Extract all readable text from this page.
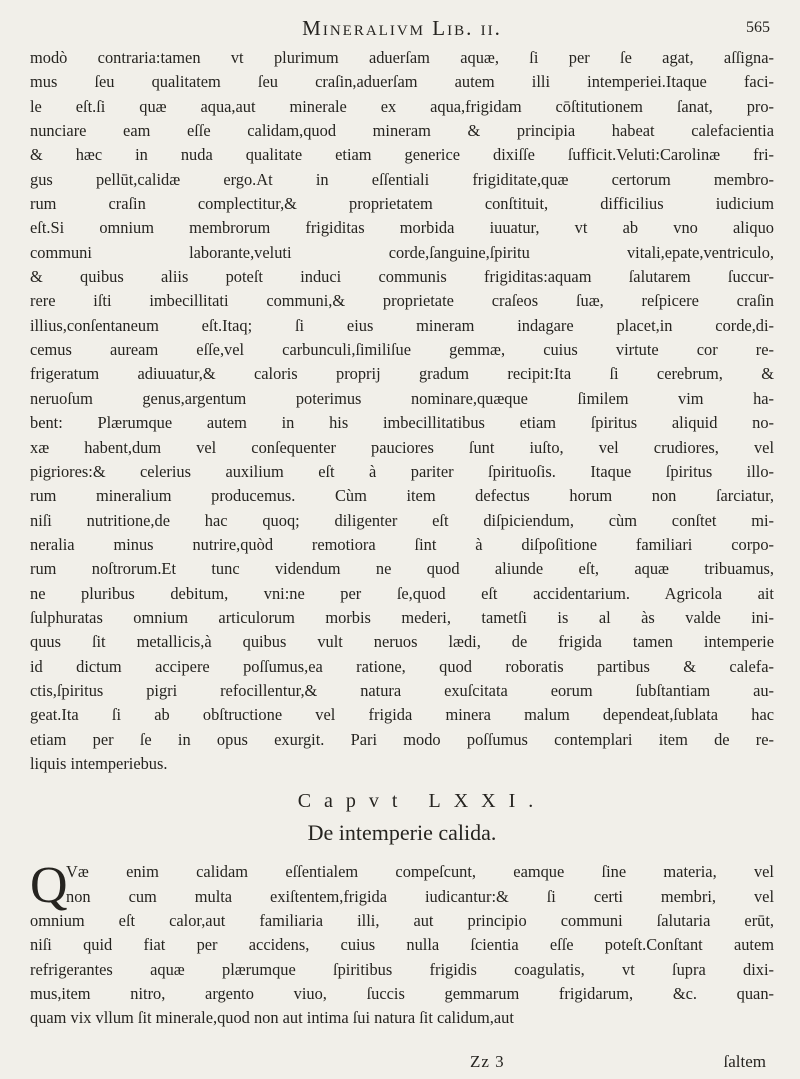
Mineralivm Lib. ii.	565
modò contraria:tamen vt plurimum aduerſam aquæ, ſi per ſe agat, aſſigna-
mus ſeu qualitatem ſeu craſin,aduerſam autem illi intemperiei.Itaque faci-
le eſt.ſi quæ aqua,aut minerale ex aqua,frigidam cōſtitutionem ſanat, pro-
nunciare eam eſſe calidam,quod mineram & principia habeat calefacientia
& hæc in nuda qualitate etiam generice dixiſſe ſufficit.Veluti:Carolinæ fri-
gus pellūt,calidæ ergo.At in eſſentiali frigiditate,quæ certorum membro-
rum craſin complectitur,& proprietatem conſtituit, difficilius iudicium
eſt.Si omnium membrorum frigiditas morbida iuuatur, vt ab vno aliquo
communi laborante,veluti corde,ſanguine,ſpiritu vitali,epate,ventriculo,
& quibus aliis poteſt induci communis frigiditas:aquam ſalutarem ſuccur-
rere iſti imbecillitati communi,& proprietate craſeos ſuæ, reſpicere craſin
illius,conſentaneum eſt.Itaq; ſi eius mineram indagare placet,in corde,di-
cemus auream eſſe,vel carbunculi,ſimiliſue gemmæ, cuius virtute cor re-
frigeratum adiuuatur,& caloris proprij gradum recipit:Ita ſi cerebrum, &
neruoſum genus,argentum poterimus nominare,quæque ſimilem vim ha-
bent: Plærumque autem in his imbecillitatibus etiam ſpiritus aliquid no-
xæ habent,dum vel conſequenter pauciores ſunt iuſto, vel crudiores, vel
pigriores:& celerius auxilium eſt à pariter ſpirituoſis. Itaque ſpiritus illo-
rum mineralium producemus. Cùm item defectus horum non ſarciatur,
niſi nutritione,de hac quoq; diligenter eſt diſpiciendum, cùm conſtet mi-
neralia minus nutrire,quòd remotiora ſint à diſpoſitione familiari corpo-
rum noſtrorum.Et tunc videndum ne quod aliunde eſt, aquæ tribuamus,
ne pluribus debitum, vni:ne per ſe,quod eſt accidentarium. Agricola ait
ſulphuratas omnium articulorum morbis mederi, tametſi is al às valde ini-
quus ſit metallicis,à quibus vult neruos lædi, de frigida tamen intemperie
id dictum accipere poſſumus,ea ratione, quod roboratis partibus & calefa-
ctis,ſpiritus pigri refocillentur,& natura exuſcitata eorum ſubſtantiam au-
geat.Ita ſi ab obſtructione vel frigida minera malum dependeat,ſublata hac
etiam per ſe in opus exurgit. Pari modo poſſumus contemplari item de re-
liquis intemperiebus.
Capvt LXXI.
De intemperie calida.
Q
Væ enim calidam eſſentialem compeſcunt, eamque ſine materia, vel
non cum multa exiſtentem,frigida iudicantur:& ſi certi membri, vel
omnium eſt calor,aut familiaria illi, aut principio communi ſalutaria erūt,
niſi quid fiat per accidens, cuius nulla ſcientia eſſe poteſt.Conſtant autem
refrigerantes aquæ plærumque ſpiritibus frigidis coagulatis, vt ſupra dixi-
mus,item nitro, argento viuo, ſuccis gemmarum frigidarum, &c. quan-
quam vix vllum ſit minerale,quod non aut intima ſui natura ſit calidum,aut
Zz 3	ſaltem
